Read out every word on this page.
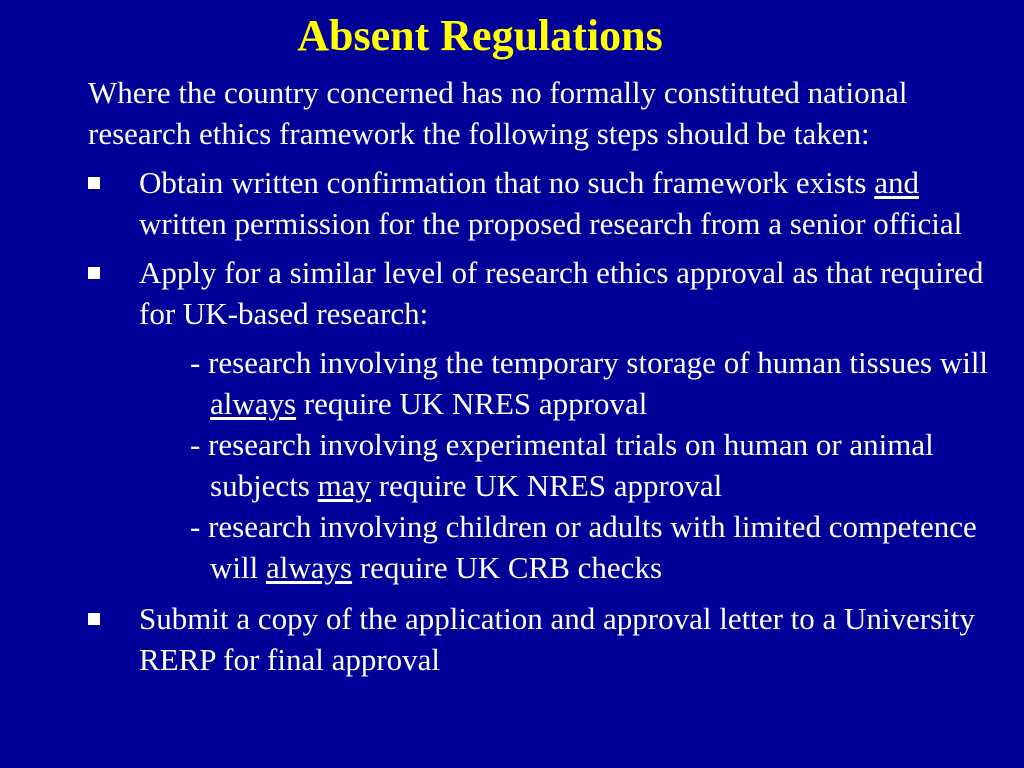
Absent Regulations

Where the country concerned has no formally constituted national research ethics framework the following steps should be taken:

Obtain written confirmation that no such framework exists and written permission for the proposed research from a senior official
Apply for a similar level of research ethics approval as that required for UK-based research:

- research involving the temporary storage of human tissues will always require UK NRES approval

- research involving experimental trials on human or animal subjects may require UK NRES approval

- research involving children or adults with limited competence will always require UK CRB checks

Submit a copy of the application and approval letter to a University RERP for final approval
